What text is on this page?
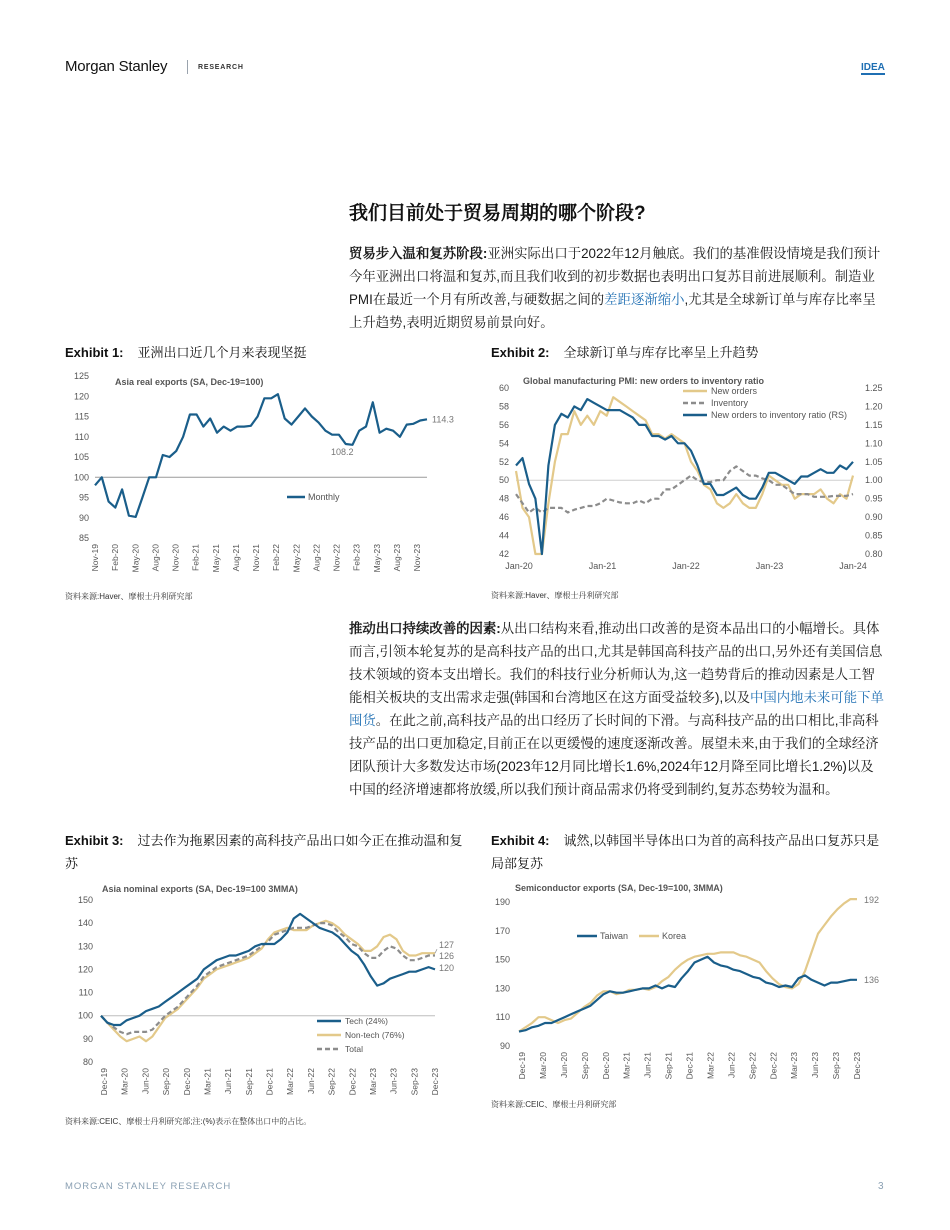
Morgan Stanley	RESEARCH	IDEA
我们目前处于贸易周期的哪个阶段?
贸易步入温和复苏阶段:亚洲实际出口于2022年12月触底。我们的基准假设情境是我们预计今年亚洲出口将温和复苏,而且我们收到的初步数据也表明出口复苏目前进展顺利。制造业PMI在最近一个月有所改善,与硬数据之间的差距逐渐缩小,尤其是全球新订单与库存比率呈上升趋势,表明近期贸易前景向好。
Exhibit 1: 亚洲出口近几个月来表现坚挺	Exhibit 2: 全球新订单与库存比率呈上升趋势
85
90
95
100
105
110
115
120
125
Asia real exports (SA, Dec-19=100)
Nov-19 Feb-20 May-20 Aug-20 Nov-20 Feb-21 May-21 Aug-21 Nov-21 Feb-22 May-22 Aug-22 Nov-22 Feb-23 May-23 Aug-23 Nov-23
Monthly
114.3
108.2
资料来源:Haver、摩根士丹利研究部
42
44
46
48
50
52
54
56
58
60
0.80
0.85
0.90
0.95
1.00
1.05
1.10
1.15
1.20
1.25
Global manufacturing PMI: new orders to inventory ratio
Jan-20	Jan-21	Jan-22	Jan-23	Jan-24
New orders
Inventory
New orders to inventory ratio (RS)
资料来源:Haver、摩根士丹利研究部
推动出口持续改善的因素:从出口结构来看,推动出口改善的是资本品出口的小幅增长。具体而言,引领本轮复苏的是高科技产品的出口,尤其是韩国高科技产品的出口,另外还有美国信息技术领域的资本支出增长。我们的科技行业分析师认为,这一趋势背后的推动因素是人工智能相关板块的支出需求走强(韩国和台湾地区在这方面受益较多),以及中国内地未来可能下单囤货。在此之前,高科技产品的出口经历了长时间的下滑。与高科技产品的出口相比,非高科技产品的出口更加稳定,目前正在以更缓慢的速度逐渐改善。展望未来,由于我们的全球经济团队预计大多数发达市场(2023年12月同比增长1.6%,2024年12月降至同比增长1.2%)以及中国的经济增速都将放缓,所以我们预计商品需求仍将受到制约,复苏态势较为温和。
Exhibit 3: 过去作为拖累因素的高科技产品出口如今正在推动温和复苏
Exhibit 4: 诚然,以韩国半导体出口为首的高科技产品出口复苏只是局部复苏
80
90
100
110
120
130
140
150
Asia nominal exports (SA, Dec-19=100 3MMA)
Dec-19 Mar-20 Jun-20 Sep-20 Dec-20 Mar-21 Jun-21 Sep-21 Dec-21 Mar-22 Jun-22 Sep-22 Dec-22 Mar-23 Jun-23 Sep-23 Dec-23
Tech (24%)
Non-tech (76%)
Total
127
126
120
资料来源:CEIC、摩根士丹利研究部;注:(%)表示在整体出口中的占比。
90
110
130
150
170
190
Semiconductor exports (SA, Dec-19=100, 3MMA)
Dec-19 Mar-20 Jun-20 Sep-20 Dec-20 Mar-21 Jun-21 Sep-21 Dec-21 Mar-22 Jun-22 Sep-22 Dec-22 Mar-23 Jun-23 Sep-23 Dec-23
Taiwan	Korea
192
136
资料来源:CEIC、摩根士丹利研究部
MORGAN STANLEY RESEARCH	3
